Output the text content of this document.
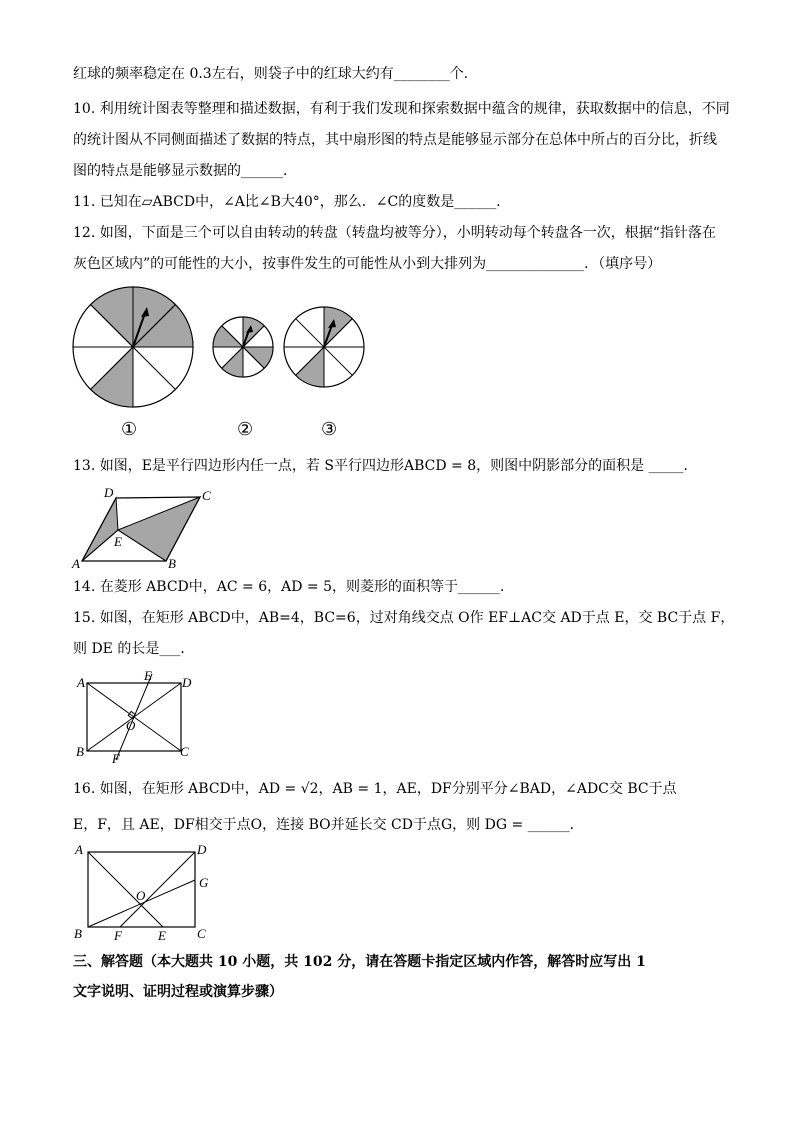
红球的频率稳定在 0.3左右，则袋子中的红球大约有________个．
10. 利用统计图表等整理和描述数据，有利于我们发现和探索数据中蕴含的规律，获取数据中的信息，不同
的统计图从不同侧面描述了数据的特点，其中扇形图的特点是能够显示部分在总体中所占的百分比，折线
图的特点是能够显示数据的______．
11. 已知在▱ABCD中，∠A比∠B大40°，那么．∠C的度数是______．
12. 如图，下面是三个可以自由转动的转盘（转盘均被等分），小明转动每个转盘各一次，根据“指针落在
灰色区域内”的可能性的大小，按事件发生的可能性从小到大排列为______________．（填序号）
①	②	③
13. 如图，E是平行四边形内任一点，若 S平行四边形ABCD = 8，则图中阴影部分的面积是 _____．
D	C
E
A	B
14. 在菱形 ABCD中，AC = 6，AD = 5，则菱形的面积等于______．
15. 如图，在矩形 ABCD中，AB=4，BC=6，过对角线交点 O作 EF⊥AC交 AD于点 E，交 BC于点 F，
则 DE 的长是___．
A	E D
O
B F	C
16. 如图，在矩形 ABCD中，AD = √2，AB = 1，AE，DF分别平分∠BAD，∠ADC交 BC于点
E，F，且 AE，DF相交于点O，连接 BO并延长交 CD于点G，则 DG = ______．
A	D
G
O
B F	E C
三、解答题（本大题共 10 小题，共 102 分，请在答题卡指定区域内作答，解答时应写出 1
文字说明、证明过程或演算步骤）
